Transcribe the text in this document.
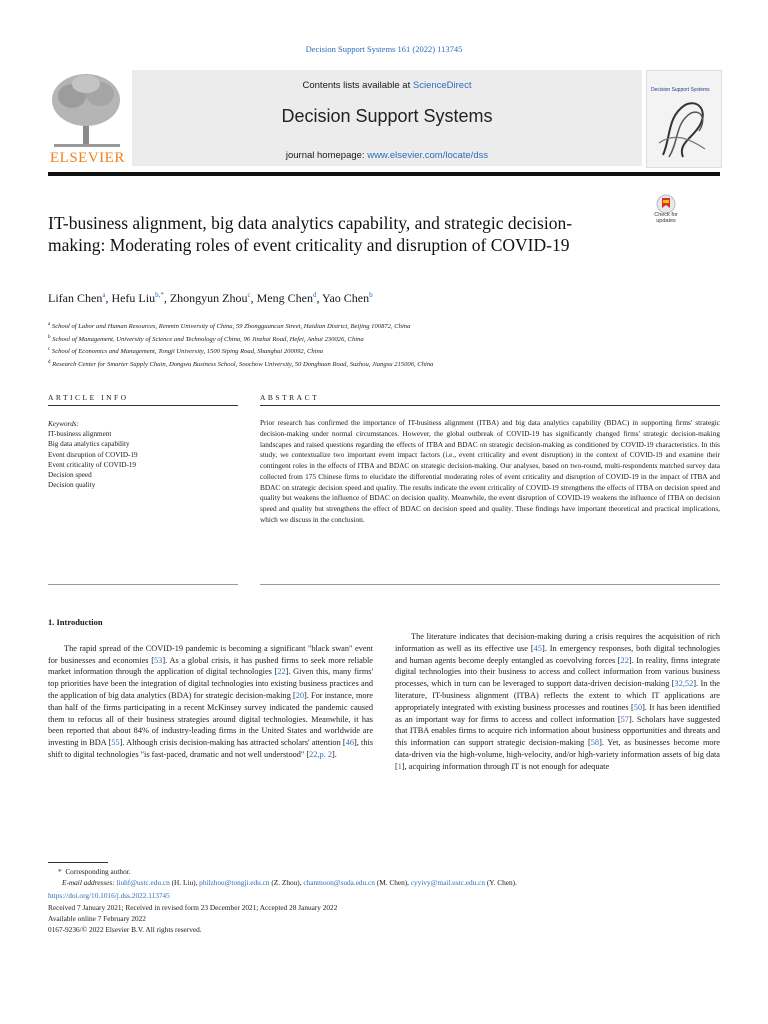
Decision Support Systems 161 (2022) 113745
ELSEVIER
Contents lists available at ScienceDirect
Decision Support Systems
journal homepage: www.elsevier.com/locate/dss
Decision Support Systems
IT-business alignment, big data analytics capability, and strategic decision-making: Moderating roles of event criticality and disruption of COVID-19
Check for updates
Lifan Chen$^a$, Hefu Liu$^{b,*}$, Zhongyun Zhou$^c$, Meng Chen$^d$, Yao Chen$^b$
$^a$ School of Labor and Human Resources, Renmin University of China, 59 Zhongguancun Street, Haidian District, Beijing 100872, China
$^b$ School of Management, University of Science and Technology of China, 96 Jinzhai Road, Hefei, Anhui 230026, China
$^c$ School of Economics and Management, Tongji University, 1500 Siping Road, Shanghai 200092, China
$^d$ Research Center for Smarter Supply Chain, Dongwu Business School, Soochow University, 50 Donghuan Road, Suzhou, Jiangsu 215006, China
ARTICLE INFO
Keywords:
IT-business alignment
Big data analytics capability
Event disruption of COVID-19
Event criticality of COVID-19
Decision speed
Decision quality
ABSTRACT
Prior research has confirmed the importance of IT-business alignment (ITBA) and big data analytics capability (BDAC) in supporting firms' strategic decision-making under normal circumstances. However, the global outbreak of COVID-19 has significantly changed firms' strategic decision-making landscapes and raised questions regarding the effects of ITBA and BDAC on strategic decision-making as conditioned by COVID-19 characteristics. In this study, we contextualize two important event impact factors (i.e., event criticality and event disruption) in the context of COVID-19 and examine their contingent roles in the effects of ITBA and BDAC on strategic decision-making. Our analyses, based on two-round, multi-respondents matched survey data collected from 175 Chinese firms to elucidate the differential moderating roles of event criticality and disruption of COVID-19 in the impact of ITBA and BDAC on strategic decision speed and quality. The results indicate the event criticality of COVID-19 strengthens the effects of ITBA on decision speed and quality but weakens the influence of BDAC on decision quality. Meanwhile, the event disruption of COVID-19 weakens the influence of ITBA on decision speed and quality but strengthens the effect of BDAC on decision speed and quality. These findings have important theoretical and practical implications, which we discuss in the conclusion.
1. Introduction
The rapid spread of the COVID-19 pandemic is becoming a significant "black swan" event for businesses and economies [53]. As a global crisis, it has pushed firms to seek more reliable market information through the application of digital technologies [22]. Given this, many firms' top priorities have been the integration of digital technologies into existing business practices and the application of big data analytics (BDA) for strategic decision-making [20]. For instance, more than half of the firms participating in a recent McKinsey survey indicated the pandemic caused them to refocus all of their business strategies around digital technologies. Meanwhile, it has been reported that about 84% of industry-leading firms in the United States and worldwide are investing in BDA [55]. Although crisis decision-making has attracted scholars' attention [46], this shift to digital technologies "is fast-paced, dramatic and not well understood" [22,p. 2].
The literature indicates that decision-making during a crisis requires the acquisition of rich information as well as its effective use [45]. In emergency responses, both digital technologies and human agents become deeply entangled as coevolving forces [22]. In reality, firms integrate digital technologies into their business to access and collect information from various business processes, which in turn can be leveraged to support data-driven decision-making [32,52]. In the literature, IT-business alignment (ITBA) reflects the extent to which IT applications are appropriately integrated with existing business processes and routines [50]. It has been identified as an important way for firms to access and collect information [57]. Scholars have suggested that ITBA enables firms to acquire rich information about business opportunities and threats and this information can support strategic decision-making [58]. Yet, as businesses become more data-driven via the high-volume, high-velocity, and/or high-variety information assets of big data [1], acquiring information through IT is not enough for adequate
* Corresponding author.
E-mail addresses: liuhf@ustc.edu.cn (H. Liu), philzhou@tongji.edu.cn (Z. Zhou), chanmoon@suda.edu.cn (M. Chen), cyyivy@mail.ustc.edu.cn (Y. Chen).
https://doi.org/10.1016/j.dss.2022.113745
Received 7 January 2021; Received in revised form 23 December 2021; Accepted 28 January 2022
Available online 7 February 2022
0167-9236/© 2022 Elsevier B.V. All rights reserved.
